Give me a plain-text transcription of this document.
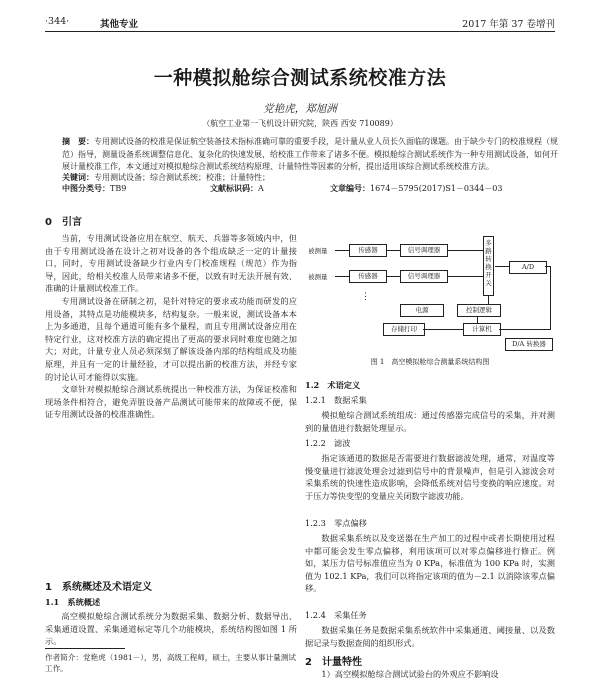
·344·	其他专业	2017 年第 37 卷增刊
一种模拟舱综合测试系统校准方法
党艳虎，郑旭洲
（航空工业第一飞机设计研究院，陕西 西安 710089）
摘　要：专用测试设备的校准是保证航空装备技术指标准确可靠的重要手段，是计量从业人员长久面临的课题。由于缺少专门的校准规程（规范）指导，测量设备系统调整信息化、复杂化的快速发展，给校准工作带来了诸多不便。模拟舱综合测试系统作为一种专用测试设备，如何开展计量校准工作，本文通过对模拟舱综合测试系统结构原理、计量特性等因素的分析，提出适用该综合测试系统校准方法。
关键词：专用测试设备；综合测试系统；校准；计量特性；
中图分类号：TB9	文献标识码：A	文章编号：1674－5795(2017)S1－0344－03
0　引言

当前，专用测试设备应用在航空、航天、兵器等多领域内中，但由于专用测试设备在设计之初对设备的各个组成缺乏一定的计量接口，同时，专用测试设备缺少行业内专门校准规程（规范）作为指导，因此，给相关校准人员带来诸多不便，以致有时无法开展有效、准确的计量测试校准工作。

专用测试设备在研制之初，是针对特定的要求或功能而研发的应用设备，其特点是功能模块多，结构复杂。一般来说，测试设备本本上为多通道，且每个通道可能有多个量程，而且专用测试设备应用在特定行业，这对校准方法的确定提出了更高的要求同时难度也随之加大；对此，计量专业人员必须深刻了解该设备内部的结构组成及功能原理，并且有一定的计量经验，才可以提出新的校准方法，并经专家的讨论认可才能得以实施。

文章针对模拟舱综合测试系统提出一种校准方法，为保证校准和现场条件相符合，避免弄脏设备产品测试可能带来的故障或不便，保证专用测试设备的校准准确性。

1　系统概述及术语定义
1.1　系统概述

高空模拟舱综合测试系统分为数据采集、数据分析、数据导出、采集通道设置、采集通道标定等几个功能模块，系统结构图如图 1 所示。

作者简介：党艳虎（1981－），男，高级工程师，硕士，主要从事计量测试工作。
被测量
被测量
⋮
传感器
传感器
信号调理器
信号调理器
多路转换开关
A/D
电源	控制逻辑
存储打印	计算机
D/A 转换器
图 1　高空模拟舱综合测量系统结构图
1.2　术语定义
1.2.1　数据采集

模拟舱综合测试系统组成：通过传感器完成信号的采集，并对测到的量值进行数据处理显示。

1.2.2　滤波

指定该通道的数据是否需要进行数据滤波处理，通常，对温度等慢变量进行滤波处理会过滤到信号中的背景噪声，但是引入滤波会对采集系统的快速性造成影响，会降低系统对信号变换的响应速度。对于压力等快变型的变量应关闭数字滤波功能。

1.2.3　零点偏移

数据采集系统以及变送器在生产加工的过程中或者长期使用过程中都可能会发生零点偏移，利用该项可以对零点偏移进行修正。例如，某压力信号标准值应当为 0 KPa，标准值为 100 KPa 时，实测值为 102.1 KPa，我们可以将指定该项的值为－2.1 以消除该零点偏移。

1.2.4　采集任务

数据采集任务是数据采集系统软件中采集通道、阈接量、以及数据记录与数据查阅的组织形式。

2　计量特性

1）高空模拟舱综合测试试验台的外观应不影响设
